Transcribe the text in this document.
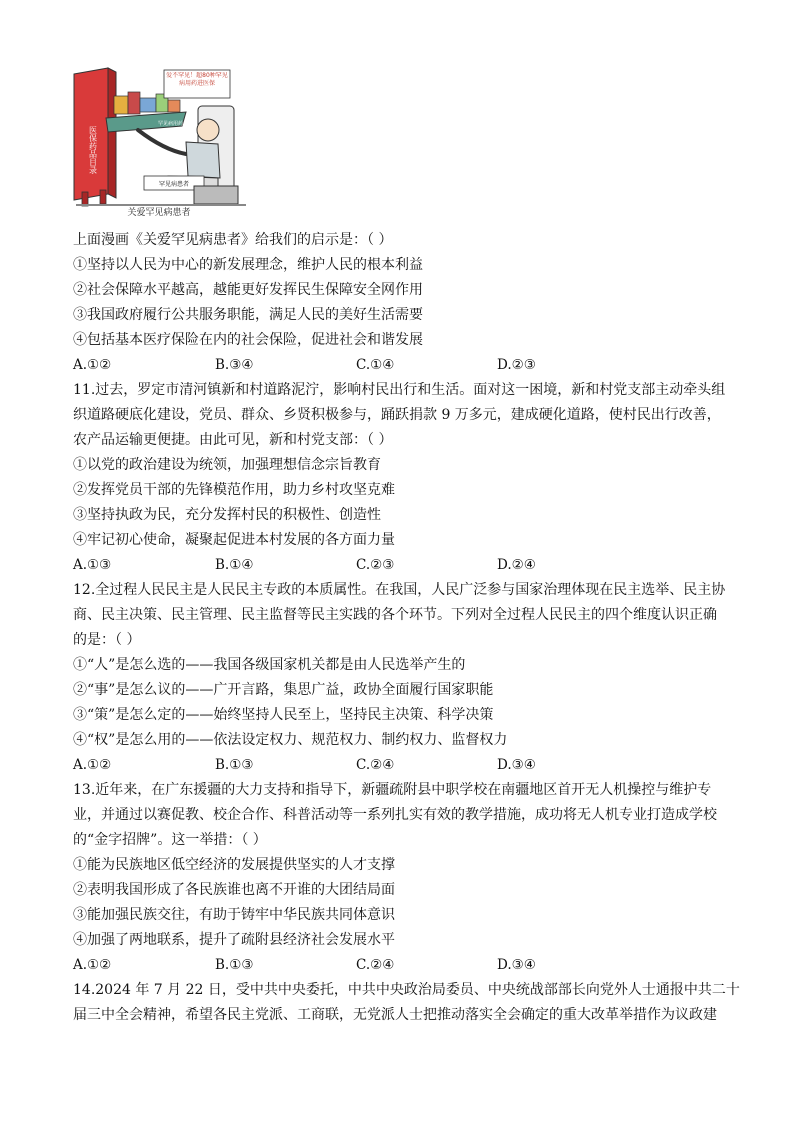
医保药品目录
罕见病用药
爱不罕见！超80种罕见病用药进医保
罕见病患者
关爱罕见病患者
上面漫画《关爱罕见病患者》给我们的启示是：（ ）
①坚持以人民为中心的新发展理念，维护人民的根本利益
②社会保障水平越高，越能更好发挥民生保障安全网作用
③我国政府履行公共服务职能，满足人民的美好生活需要
④包括基本医疗保险在内的社会保险，促进社会和谐发展
A.①②	B.③④	C.①④	D.②③
11.过去，罗定市清河镇新和村道路泥泞，影响村民出行和生活。面对这一困境，新和村党支部主动牵头组
织道路硬底化建设，党员、群众、乡贤积极参与，踊跃捐款 9 万多元，建成硬化道路，使村民出行改善，
农产品运输更便捷。由此可见，新和村党支部：（ ）
①以党的政治建设为统领，加强理想信念宗旨教育
②发挥党员干部的先锋模范作用，助力乡村攻坚克难
③坚持执政为民，充分发挥村民的积极性、创造性
④牢记初心使命，凝聚起促进本村发展的各方面力量
A.①③	B.①④	C.②③	D.②④
12.全过程人民民主是人民民主专政的本质属性。在我国，人民广泛参与国家治理体现在民主选举、民主协
商、民主决策、民主管理、民主监督等民主实践的各个环节。下列对全过程人民民主的四个维度认识正确
的是：（ ）
①“人”是怎么选的——我国各级国家机关都是由人民选举产生的
②“事”是怎么议的——广开言路，集思广益，政协全面履行国家职能
③“策”是怎么定的——始终坚持人民至上，坚持民主决策、科学决策
④“权”是怎么用的——依法设定权力、规范权力、制约权力、监督权力
A.①②	B.①③	C.②④	D.③④
13.近年来，在广东援疆的大力支持和指导下，新疆疏附县中职学校在南疆地区首开无人机操控与维护专
业，并通过以赛促教、校企合作、科普活动等一系列扎实有效的教学措施，成功将无人机专业打造成学校
的“金字招牌”。这一举措：（ ）
①能为民族地区低空经济的发展提供坚实的人才支撑
②表明我国形成了各民族谁也离不开谁的大团结局面
③能加强民族交往，有助于铸牢中华民族共同体意识
④加强了两地联系，提升了疏附县经济社会发展水平
A.①②	B.①③	C.②④	D.③④
14.2024 年 7 月 22 日，受中共中央委托，中共中央政治局委员、中央统战部部长向党外人士通报中共二十
届三中全会精神，希望各民主党派、工商联，无党派人士把推动落实全会确定的重大改革举措作为议政建
